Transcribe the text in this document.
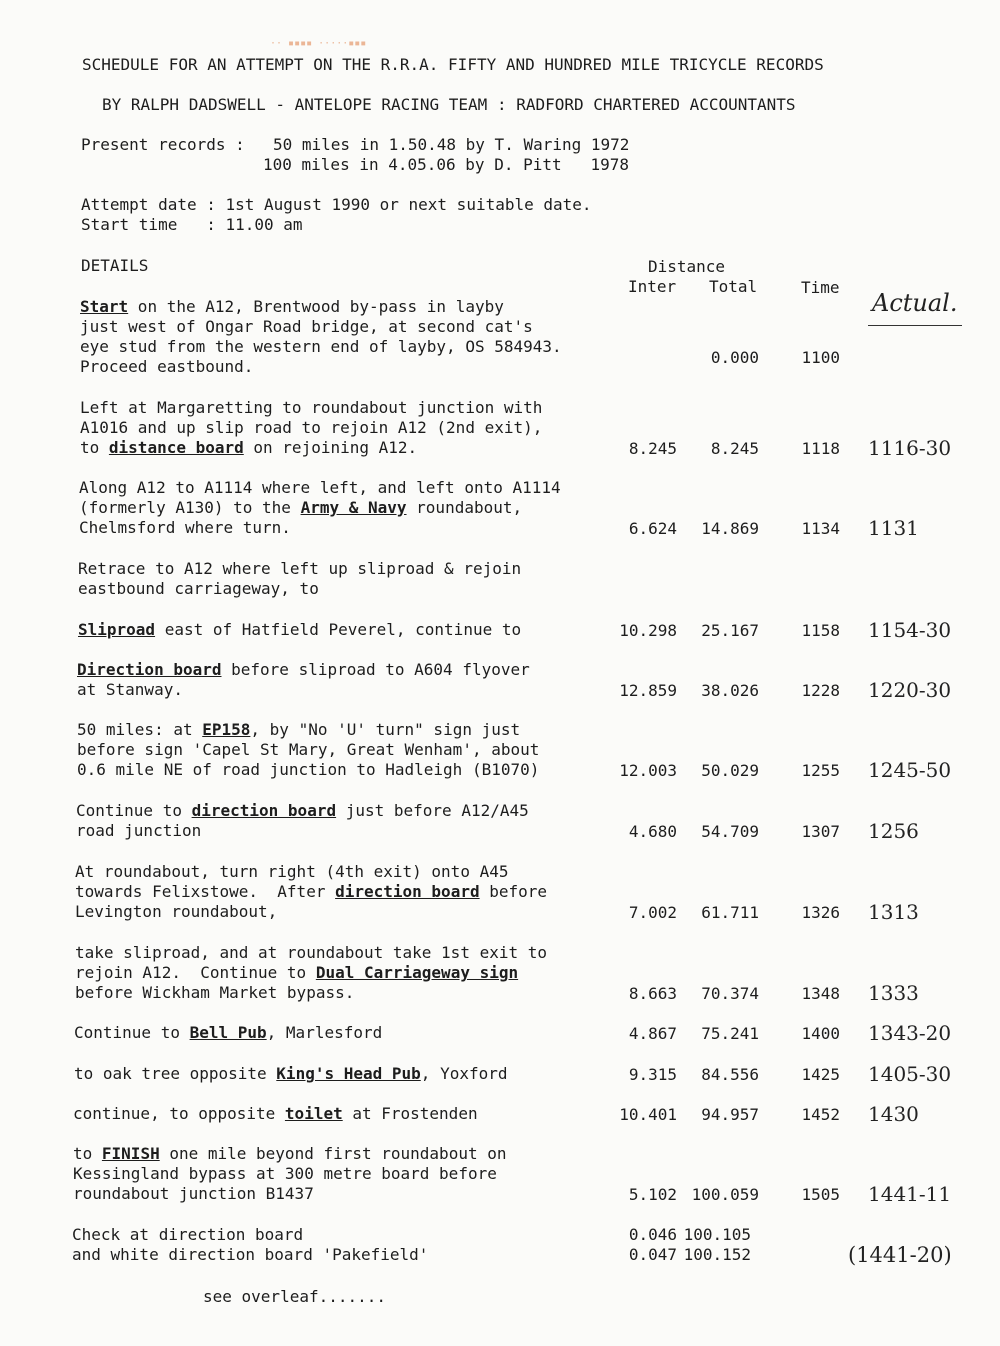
·· ▪▪▪▪ ·····▪▪▪
SCHEDULE FOR AN ATTEMPT ON THE R.R.A. FIFTY AND HUNDRED MILE TRICYCLE RECORDS
BY RALPH DADSWELL - ANTELOPE RACING TEAM : RADFORD CHARTERED ACCOUNTANTS
Present records : 50 miles in 1.50.48 by T. Waring 1972
100 miles in 4.05.06 by D. Pitt   1978
Attempt date : 1st August 1990 or next suitable date.
Start time   : 11.00 am
DETAILS	Distance
Inter Total	Time
Actual.
Start on the A12, Brentwood by-pass in layby
just west of Ongar Road bridge, at second cat's
eye stud from the western end of layby, OS 584943.
Proceed eastbound.	0.000	1100
Left at Margaretting to roundabout junction with
A1016 and up slip road to rejoin A12 (2nd exit),
to distance board on rejoining A12.	8.245 8.245	1118 1116-30
Along A12 to A1114 where left, and left onto A1114
(formerly A130) to the Army & Navy roundabout,
Chelmsford where turn.	6.624 14.869	1134 1131
Retrace to A12 where left up sliproad & rejoin
eastbound carriageway, to
Sliproad east of Hatfield Peverel, continue to	10.298 25.167	1158 1154-30
Direction board before sliproad to A604 flyover
at Stanway.	12.859 38.026	1228 1220-30
50 miles: at EP158, by "No 'U' turn" sign just
before sign 'Capel St Mary, Great Wenham', about
0.6 mile NE of road junction to Hadleigh (B1070)	12.003 50.029	1255 1245-50
Continue to direction board just before A12/A45
road junction	4.680 54.709	1307 1256
At roundabout, turn right (4th exit) onto A45
towards Felixstowe.  After direction board before
Levington roundabout,	7.002 61.711	1326 1313
take sliproad, and at roundabout take 1st exit to
rejoin A12.  Continue to Dual Carriageway sign
before Wickham Market bypass.	8.663 70.374	1348 1333
Continue to Bell Pub, Marlesford	4.867 75.241	1400 1343-20
to oak tree opposite King's Head Pub, Yoxford	9.315 84.556	1425 1405-30
continue, to opposite toilet at Frostenden	10.401 94.957	1452 1430
to FINISH one mile beyond first roundabout on
Kessingland bypass at 300 metre board before
roundabout junction B1437	5.102 100.059	1505 1441-11
Check at direction board	0.046 100.105
and white direction board 'Pakefield'	0.047 100.152	(1441-20)
see overleaf.......
